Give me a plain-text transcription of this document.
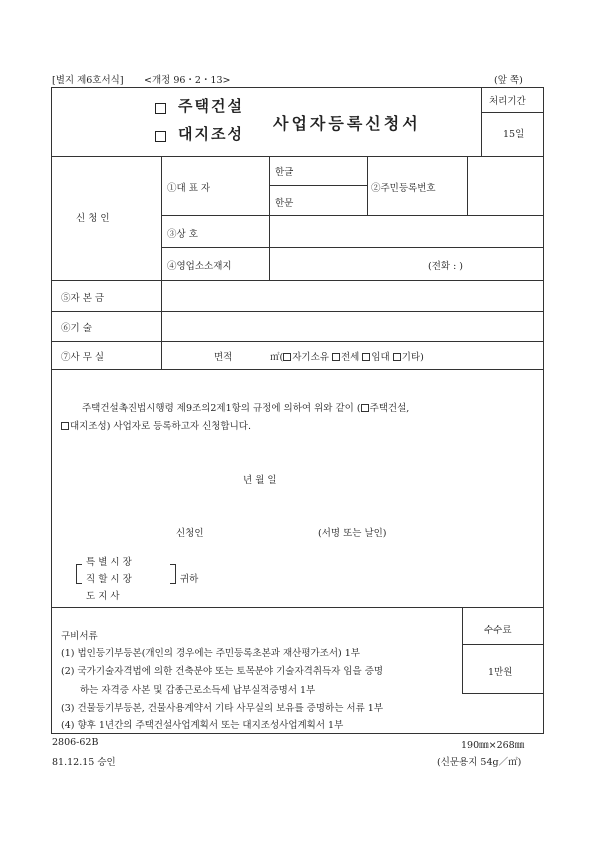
[별지 제6호서식] <개정 96・2・13>	(앞 쪽)
주택건설
대지조성
사업자등록신청서
처리기간
15일
신 청 인
①대 표 자
한글
한문
②주민등록번호
③상 호
④영업소소재지	(전화 : )
⑤자 본 금
⑥기 술
⑦사 무 실	면적	㎡( 자기소유 전세 임대 기타)
주택건설촉진법시행령 제9조의2제1항의 규정에 의하여 위와 같이 ( 주택건설,
대지조성) 사업자로 등록하고자 신청합니다.
년 월 일
신청인	(서명 또는 날인)
특 별 시 장
직 할 시 장
도 지 사
귀하
구비서류
(1) 법인등기부등본(개인의 경우에는 주민등록초본과 재산평가조서) 1부
(2) 국가기술자격법에 의한 건축분야 또는 토목분야 기술자격취득자 임을 증명
하는 자격증 사본 및 갑종근로소득세 납부실적증명서 1부
(3) 건물등기부등본, 건물사용계약서 기타 사무실의 보유를 증명하는 서류 1부
(4) 향후 1년간의 주택건설사업계획서 또는 대지조성사업계획서 1부
수수료
1만원
2806-62B
81.12.15 승인
190㎜×268㎜
(신문용지 54g／㎡)
